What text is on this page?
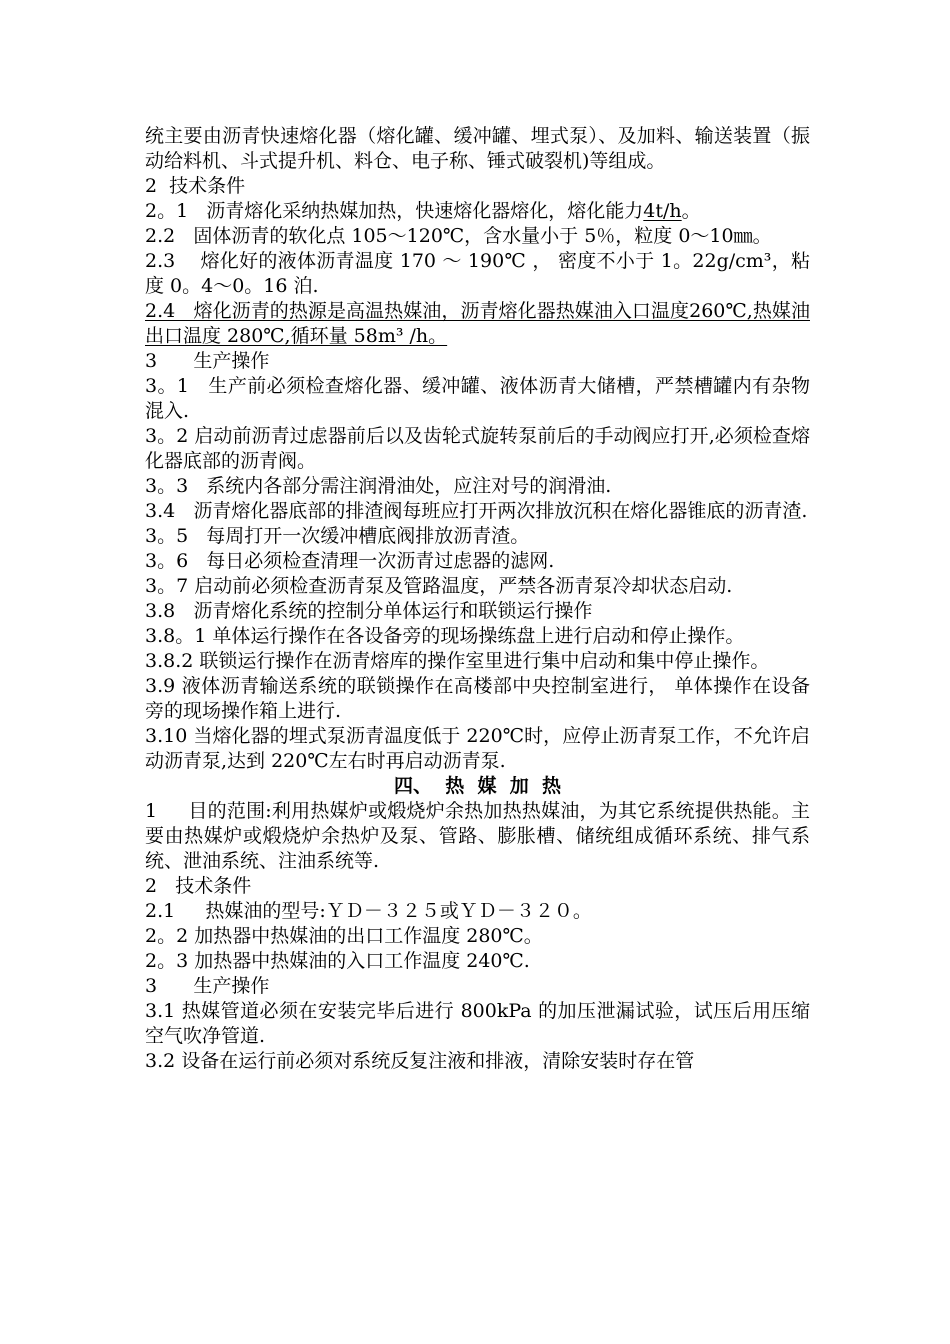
统主要由沥青快速熔化器（熔化罐、缓冲罐、埋式泵）、及加料、输送装置（振动给料机、斗式提升机、料仓、电子称、锤式破裂机)等组成。

2  技术条件

2。1   沥青熔化采纳热媒加热，快速熔化器熔化，熔化能力4t/h。

2.2   固体沥青的软化点 105～120℃，含水量小于 5％，粒度 0～10㎜。

2.3    熔化好的液体沥青温度 170 ～ 190℃ ， 密度不小于 1。22g/cm³，粘度 0。4～0。16 泊.

2.4   熔化沥青的热源是高温热媒油，沥青熔化器热媒油入口温度260℃,热媒油出口温度 280℃,循环量 58m³ /h。

3      生产操作

3。1   生产前必须检查熔化器、缓冲罐、液体沥青大储槽，严禁槽罐内有杂物混入.

3。2 启动前沥青过虑器前后以及齿轮式旋转泵前后的手动阀应打开,必须检查熔化器底部的沥青阀。

3。3   系统内各部分需注润滑油处，应注对号的润滑油.

3.4   沥青熔化器底部的排渣阀每班应打开两次排放沉积在熔化器锥底的沥青渣.

3。5   每周打开一次缓冲槽底阀排放沥青渣。

3。6   每日必须检查清理一次沥青过虑器的滤网.

3。7 启动前必须检查沥青泵及管路温度，严禁各沥青泵冷却状态启动.

3.8   沥青熔化系统的控制分单体运行和联锁运行操作

3.8。1 单体运行操作在各设备旁的现场操练盘上进行启动和停止操作。

3.8.2 联锁运行操作在沥青熔库的操作室里进行集中启动和集中停止操作。

3.9 液体沥青输送系统的联锁操作在高楼部中央控制室进行， 单体操作在设备旁的现场操作箱上进行.

3.10 当熔化器的埋式泵沥青温度低于 220℃时，应停止沥青泵工作，不允许启动沥青泵,达到 220℃左右时再启动沥青泵.

四、  热  媒  加  热

1     目的范围:利用热媒炉或煅烧炉余热加热热媒油，为其它系统提供热能。主要由热媒炉或煅烧炉余热炉及泵、管路、膨胀槽、储统组成循环系统、排气系统、泄油系统、注油系统等.

2   技术条件

2.1     热媒油的型号:ＹＤ－３２５或ＹＤ－３２０。

2。2 加热器中热媒油的出口工作温度 280℃。

2。3 加热器中热媒油的入口工作温度 240℃.

3      生产操作

3.1 热媒管道必须在安装完毕后进行 800kPa 的加压泄漏试验，试压后用压缩空气吹净管道.

3.2 设备在运行前必须对系统反复注液和排液，清除安装时存在管
